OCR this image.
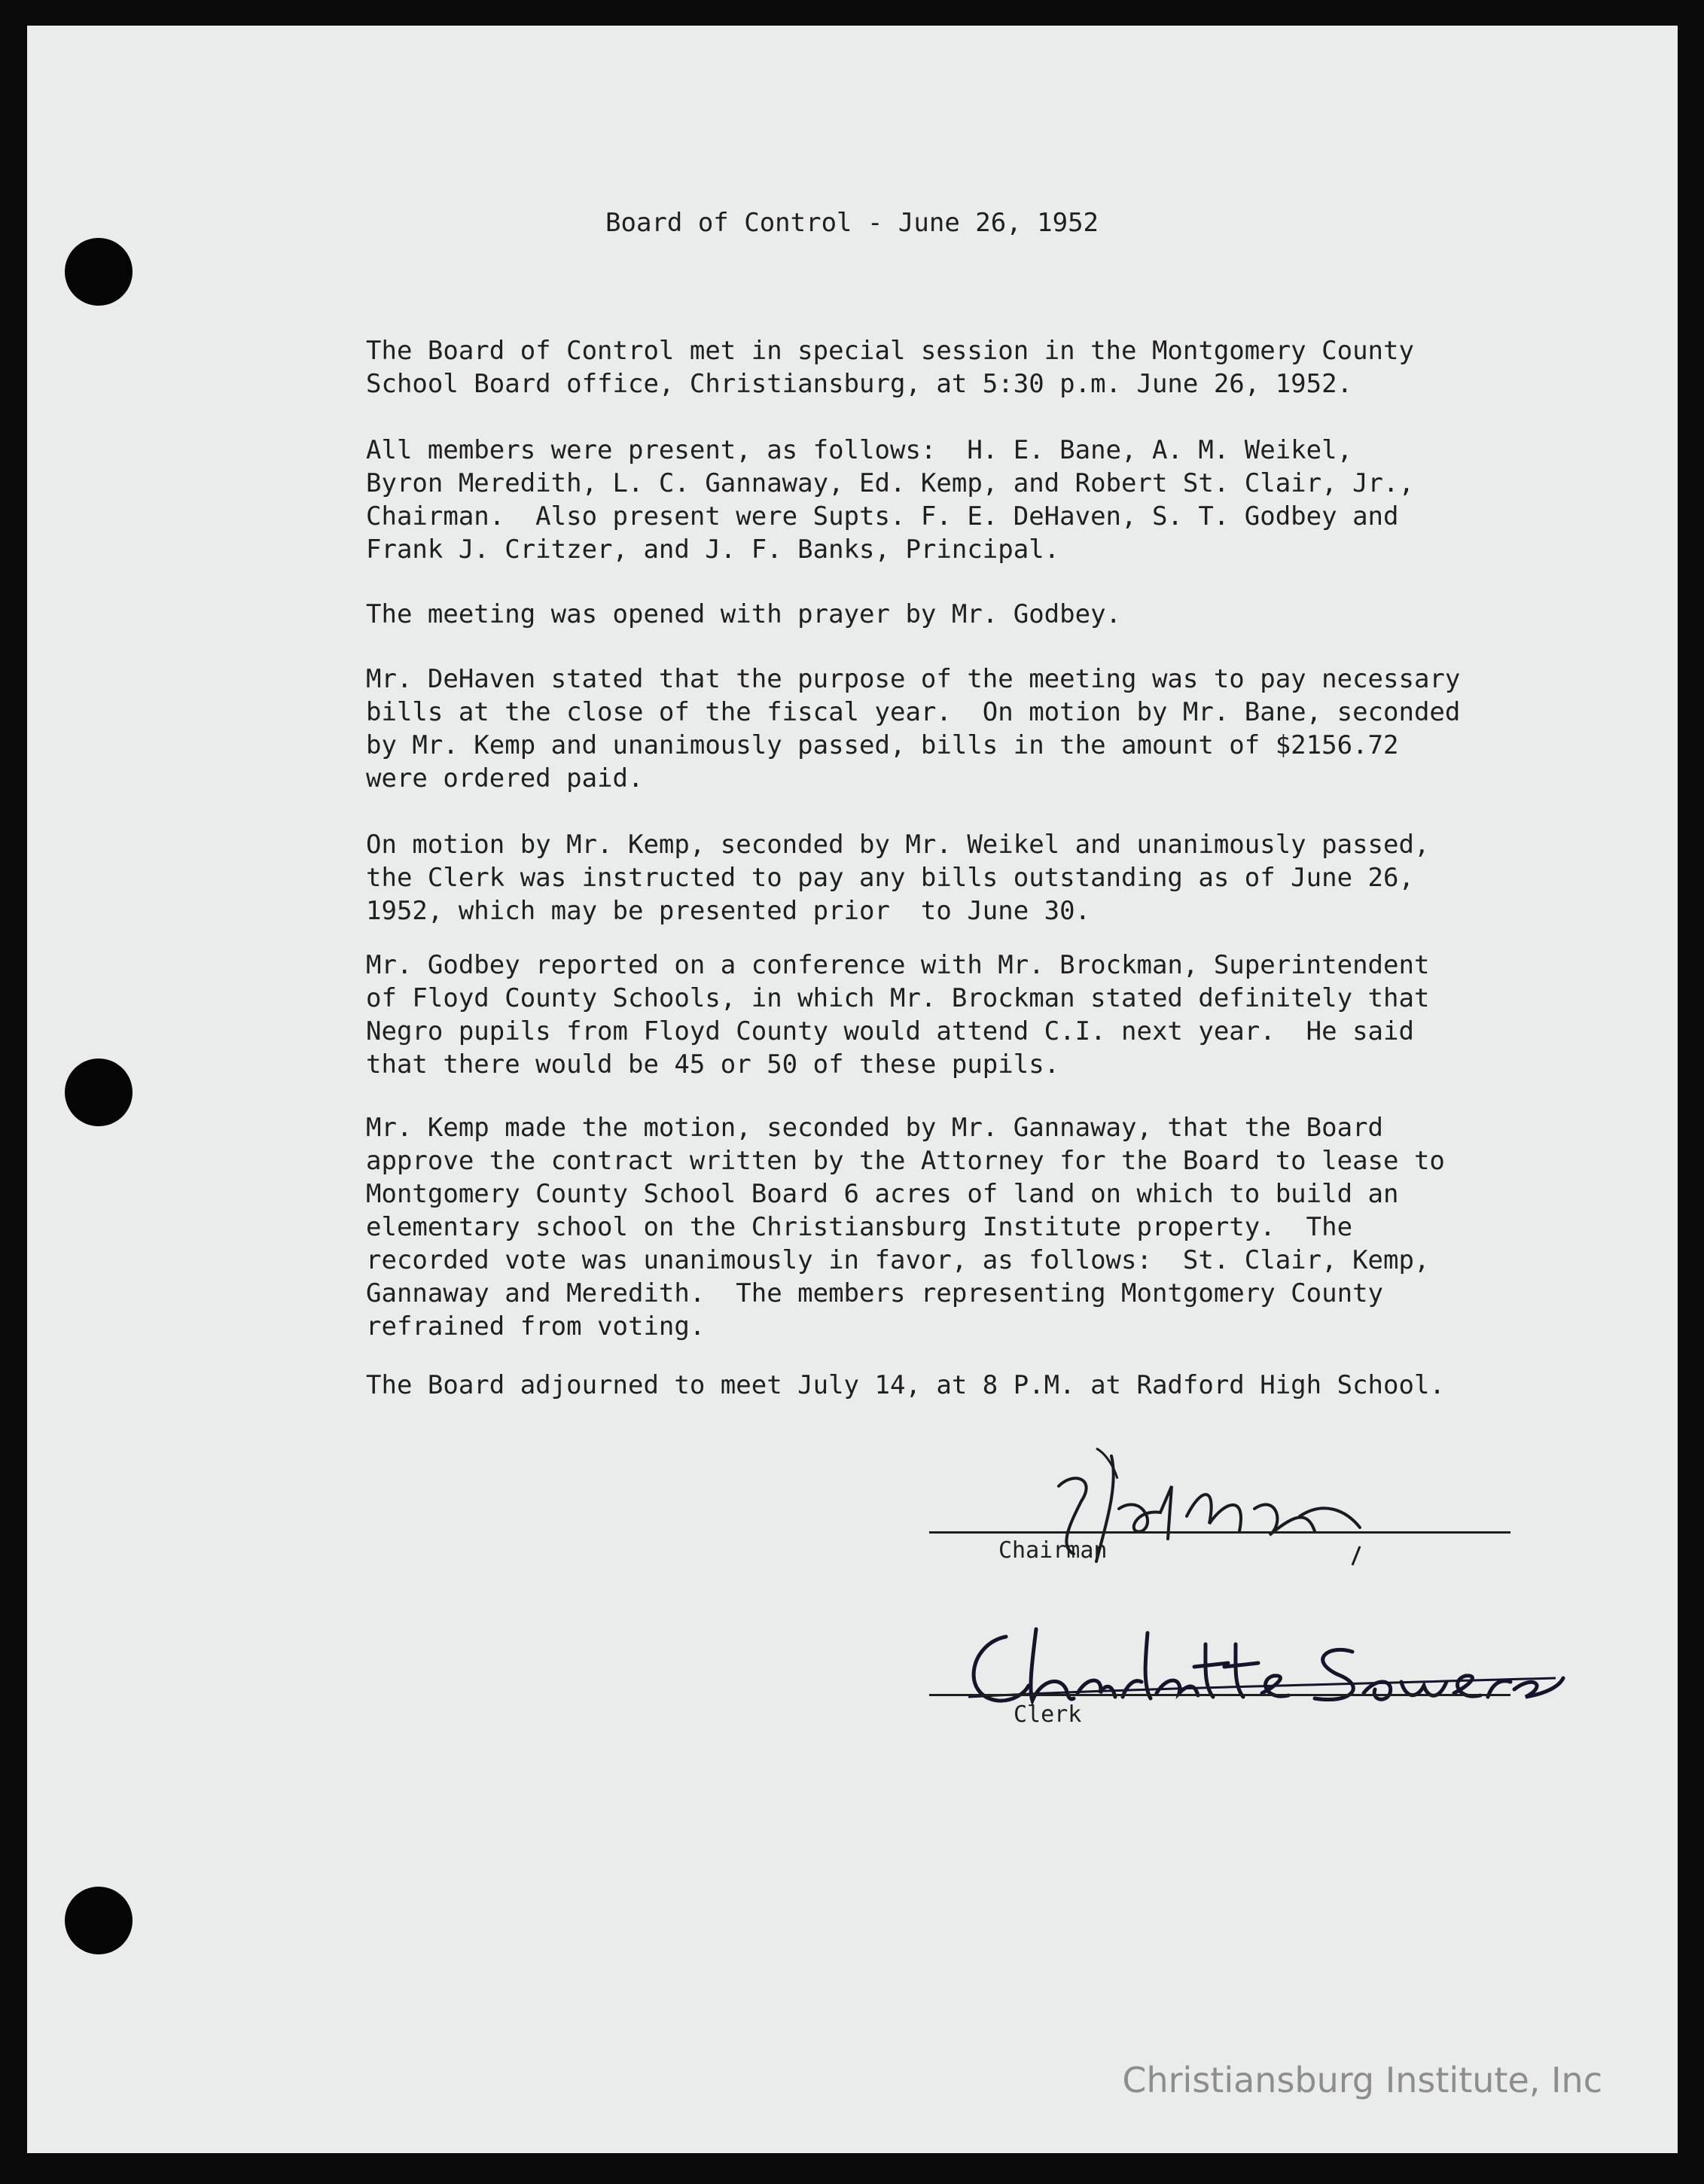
Board of Control - June 26, 1952

The Board of Control met in special session in the Montgomery County
School Board office, Christiansburg, at 5:30 p.m. June 26, 1952.

All members were present, as follows:  H. E. Bane, A. M. Weikel,
Byron Meredith, L. C. Gannaway, Ed. Kemp, and Robert St. Clair, Jr.,
Chairman.  Also present were Supts. F. E. DeHaven, S. T. Godbey and
Frank J. Critzer, and J. F. Banks, Principal.

The meeting was opened with prayer by Mr. Godbey.

Mr. DeHaven stated that the purpose of the meeting was to pay necessary
bills at the close of the fiscal year.  On motion by Mr. Bane, seconded
by Mr. Kemp and unanimously passed, bills in the amount of $2156.72
were ordered paid.

On motion by Mr. Kemp, seconded by Mr. Weikel and unanimously passed,
the Clerk was instructed to pay any bills outstanding as of June 26,
1952, which may be presented prior  to June 30.

Mr. Godbey reported on a conference with Mr. Brockman, Superintendent
of Floyd County Schools, in which Mr. Brockman stated definitely that
Negro pupils from Floyd County would attend C.I. next year.  He said
that there would be 45 or 50 of these pupils.

Mr. Kemp made the motion, seconded by Mr. Gannaway, that the Board
approve the contract written by the Attorney for the Board to lease to
Montgomery County School Board 6 acres of land on which to build an
elementary school on the Christiansburg Institute property.  The
recorded vote was unanimously in favor, as follows:  St. Clair, Kemp,
Gannaway and Meredith.  The members representing Montgomery County
refrained from voting.

The Board adjourned to meet July 14, at 8 P.M. at Radford High School.

Chairman
Clerk
Christiansburg Institute, Inc
